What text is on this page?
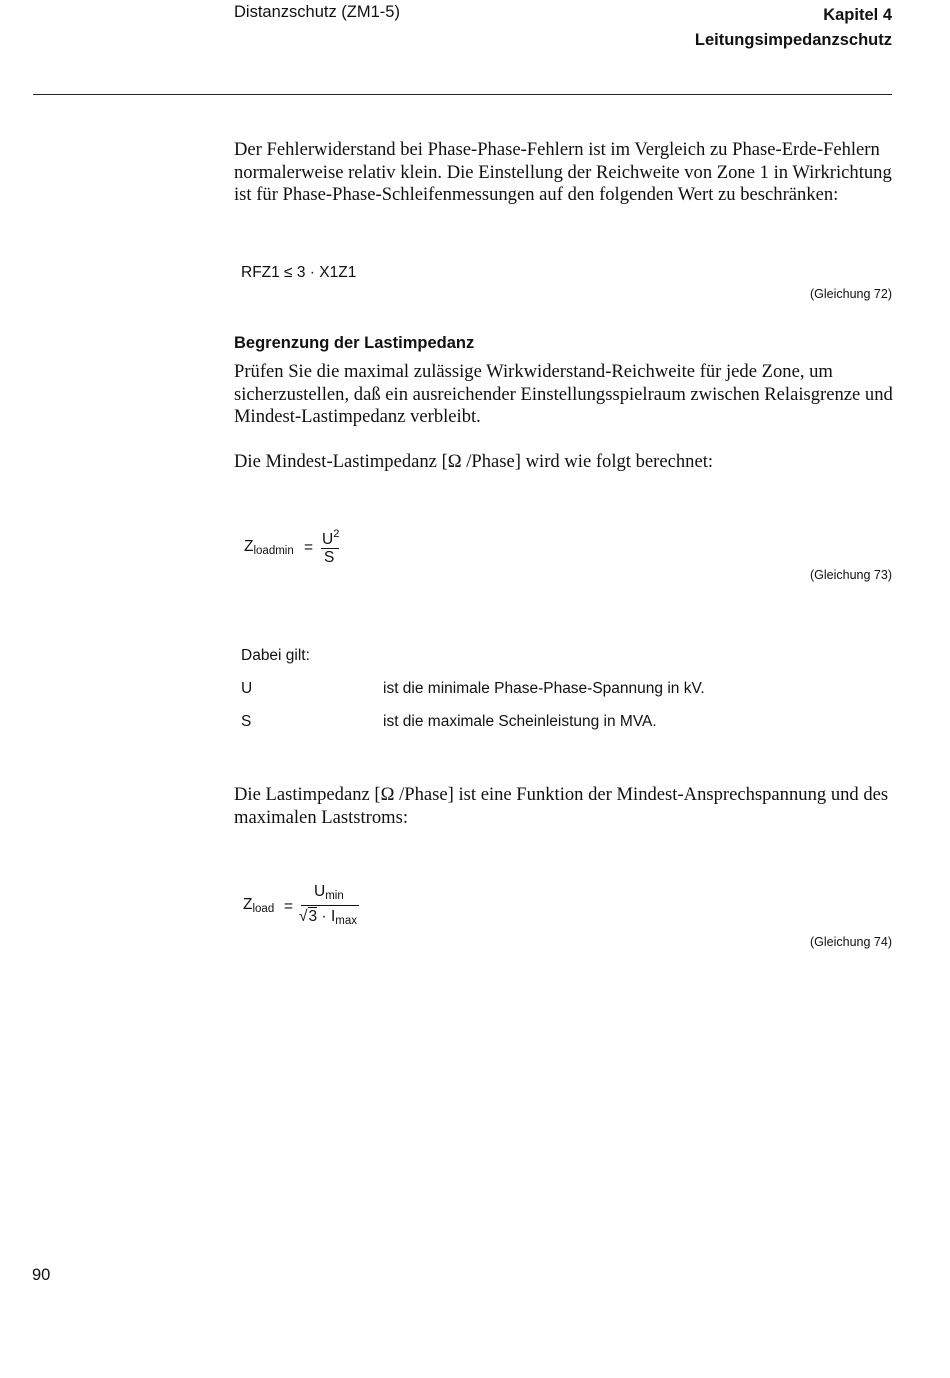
Distanzschutz (ZM1-5)	Kapitel 4
Leitungsimpedanzschutz
Der Fehlerwiderstand bei Phase-Phase-Fehlern ist im Vergleich zu Phase-Erde-Fehlern normalerweise relativ klein. Die Einstellung der Reichweite von Zone 1 in Wirkrichtung ist für Phase-Phase-Schleifenmessungen auf den folgenden Wert zu beschränken:
RFZ1 ≤ 3 · X1Z1
(Gleichung 72)
Begrenzung der Lastimpedanz
Prüfen Sie die maximal zulässige Wirkwiderstand-Reichweite für jede Zone, um sicherzustellen, daß ein ausreichender Einstellungsspielraum zwischen Relaisgrenze und Mindest-Lastimpedanz verbleibt.
Die Mindest-Lastimpedanz [Ω /Phase] wird wie folgt berechnet:
$Z_{loadmin} = U^2$
S
(Gleichung 73)
Dabei gilt:
U	ist die minimale Phase-Phase-Spannung in kV.
S	ist die maximale Scheinleistung in MVA.
Die Lastimpedanz [Ω /Phase] ist eine Funktion der Mindest-Ansprechspannung und des maximalen Laststroms:
$Z_{load}$ =
$U_{min}$
$√3 \cdot I_{max}$
(Gleichung 74)
90
